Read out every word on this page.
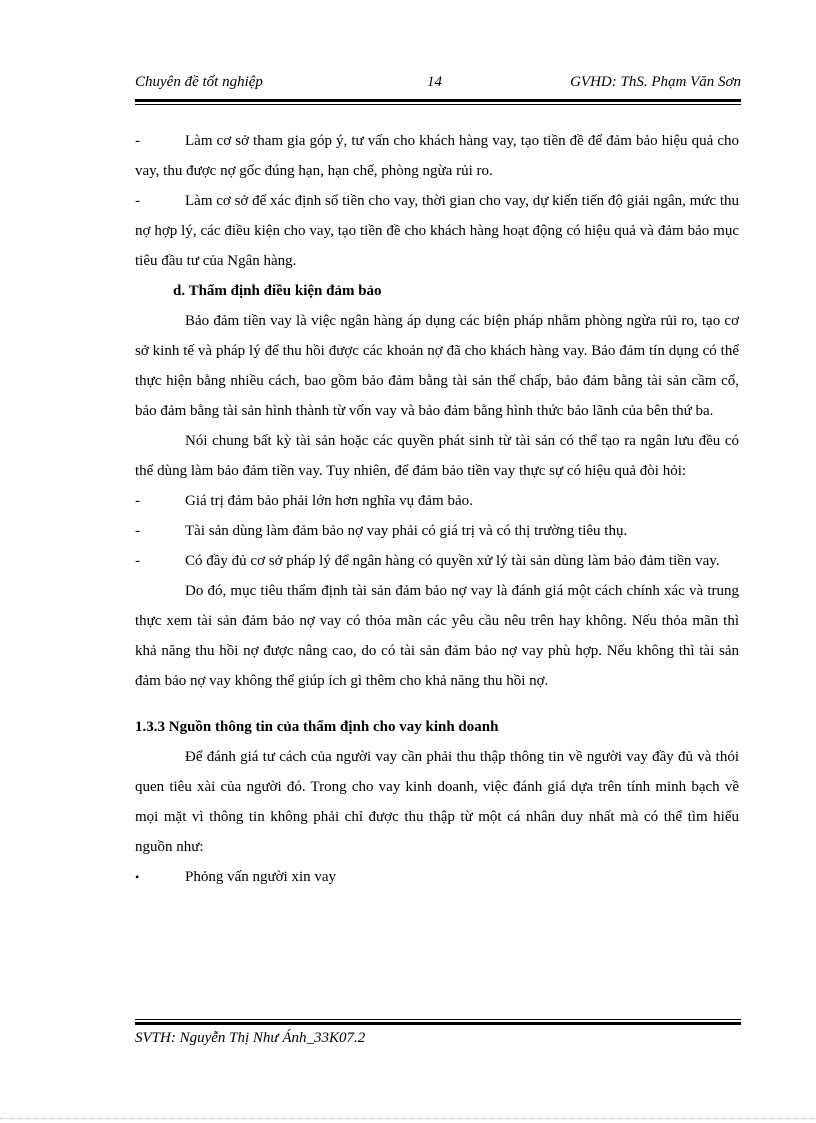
Chuyên đề tốt nghiệp	14	GVHD: ThS. Phạm Văn Sơn

-	Làm cơ sở tham gia góp ý, tư vấn cho khách hàng vay, tạo tiền đề để đảm bảo hiệu quả cho vay, thu được nợ gốc đúng hạn, hạn chế, phòng ngừa rủi ro.

-	Làm cơ sở để xác định số tiền cho vay, thời gian cho vay, dự kiến tiến độ giải ngân, mức thu nợ hợp lý, các điều kiện cho vay, tạo tiền đề cho khách hàng hoạt động có hiệu quả và đảm bảo mục tiêu đầu tư của Ngân hàng.

d. Thẩm định điều kiện đảm bảo

Bảo đảm tiền vay là việc ngân hàng áp dụng các biện pháp nhằm phòng ngừa rủi ro, tạo cơ sở kinh tế và pháp lý để thu hồi được các khoản nợ đã cho khách hàng vay. Bảo đảm tín dụng có thể thực hiện bằng nhiều cách, bao gồm bảo đảm bằng tài sản thế chấp, bảo đảm bằng tài sản cầm cố, bảo đảm bằng tài sản hình thành từ vốn vay và bảo đảm bằng hình thức bảo lãnh của bên thứ ba.

Nói chung bất kỳ tài sản hoặc các quyền phát sinh từ tài sản có thể tạo ra ngân lưu đều có thể dùng làm bảo đảm tiền vay. Tuy nhiên, để đảm bảo tiền vay thực sự có hiệu quả đòi hỏi:

-	Giá trị đảm bảo phải lớn hơn nghĩa vụ đảm bảo.

-	Tài sản dùng làm đảm bảo nợ vay phải có giá trị và có thị trường tiêu thụ.

-	Có đầy đủ cơ sở pháp lý để ngân hàng có quyền xử lý tài sản dùng làm bảo đảm tiền vay.

Do đó, mục tiêu thẩm định tài sản đảm bảo nợ vay là đánh giá một cách chính xác và trung thực xem tài sản đảm bảo nợ vay có thỏa mãn các yêu cầu nêu trên hay không. Nếu thỏa mãn thì khả năng thu hồi nợ được nâng cao, do có tài sản đảm bảo nợ vay phù hợp. Nếu không thì tài sản đảm bảo nợ vay không thể giúp ích gì thêm cho khả năng thu hồi nợ.

1.3.3 Nguồn thông tin của thẩm định cho vay kinh doanh

Để đánh giá tư cách của người vay cần phải thu thập thông tin về người vay đầy đủ và thói quen tiêu xài của người đó. Trong cho vay kinh doanh, việc đánh giá dựa trên tính minh bạch về mọi mặt vì thông tin không phải chỉ được thu thập từ một cá nhân duy nhất mà có thể tìm hiểu nguồn như:

•	Phỏng vấn người xin vay

SVTH: Nguyễn Thị Như Ánh_33K07.2
